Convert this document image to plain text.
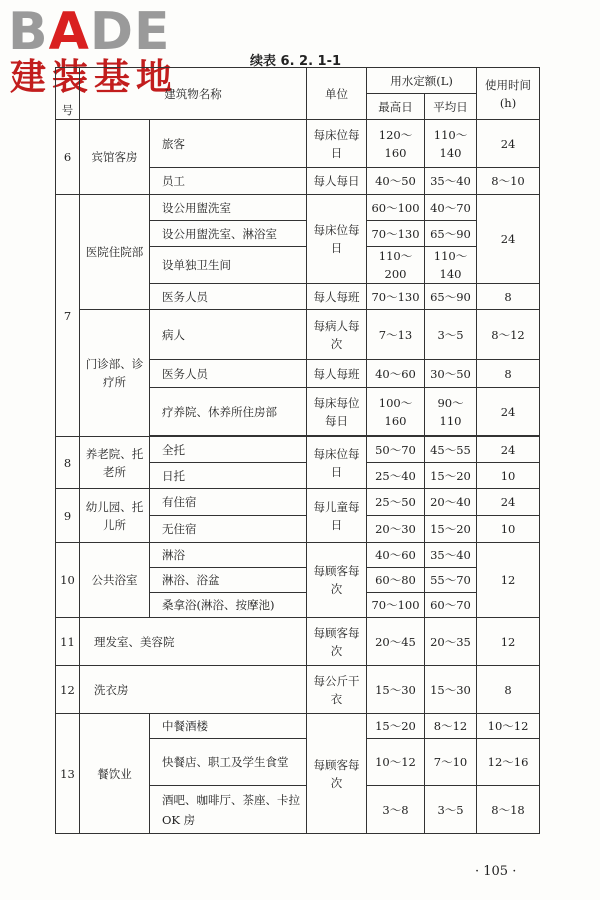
BADE
建装基地	续表 6. 2. 1-1
号	建筑物名称		单位	用水定额(L)		使用时间(h)
				最高日	平均日	
6	宾馆客房	旅客	每床位每日	120～160	110～140	24
		员工	每人每日	40～50	35～40	8～10
7	医院住院部	设公用盥洗室	每床位每日	60～100	40～70	24
		设公用盥洗室、淋浴室		70～130	65～90	
		设单独卫生间		110～200	110～140	
		医务人员	每人每班	70～130	65～90	8
	门诊部、诊疗所	病人	每病人每次	7～13	3～5	8～12
		医务人员	每人每班	40～60	30～50	8
		疗养院、休养所住房部	每床每位每日	100～160	90～110	24

8	养老院、托老所	全托	每床位每日	50～70	45～55	24
		日托		25～40	15～20	10
9	幼儿园、托儿所	有住宿	每儿童每日	25～50	20～40	24
		无住宿		20～30	15～20	10
10	公共浴室	淋浴	每顾客每次	40～60	35～40	12
		淋浴、浴盆		60～80	55～70	
		桑拿浴(淋浴、按摩池)		70～100	60～70	
11	理发室、美容院		每顾客每次	20～45	20～35	12
12	洗衣房		每公斤干衣	15～30	15～30	8
13	餐饮业	中餐酒楼	每顾客每次	15～20	8～12	10～12
		快餐店、职工及学生食堂		10～12	7～10	12～16
		酒吧、咖啡厅、茶座、卡拉 OK 房		3～8	3～5	8～18
· 105 ·
